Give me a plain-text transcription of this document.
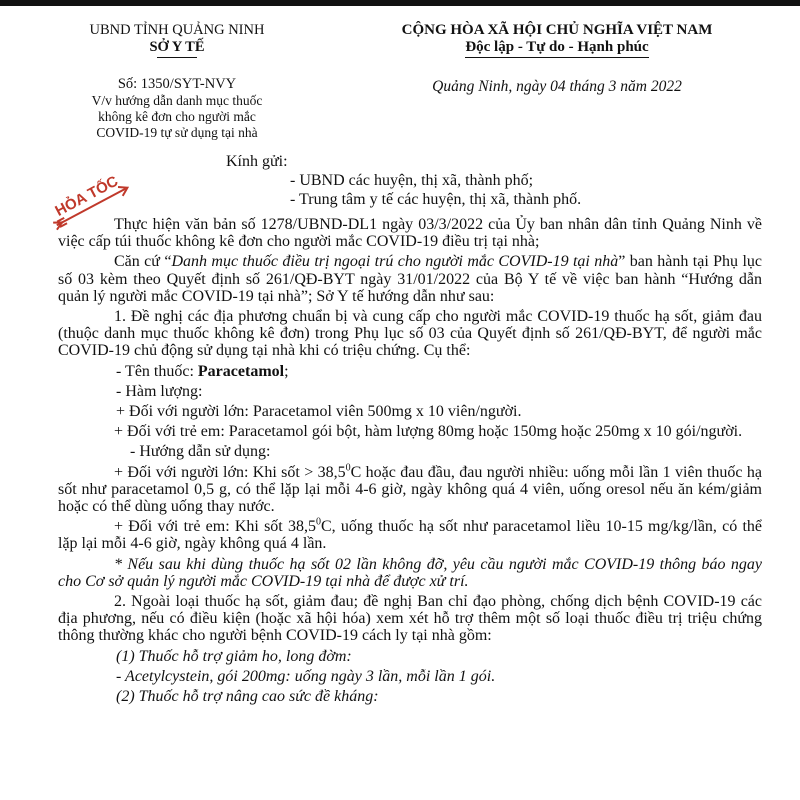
UBND TỈNH QUẢNG NINH
SỞ Y TẾ
Số: 1350/SYT-NVY
V/v hướng dẫn danh mục thuốc
không kê đơn cho người mắc
COVID-19 tự sử dụng tại nhà
CỘNG HÒA XÃ HỘI CHỦ NGHĨA VIỆT NAM
Độc lập - Tự do - Hạnh phúc
Quảng Ninh, ngày 04 tháng 3 năm 2022
HỎA TỐC
Kính gửi:
- UBND các huyện, thị xã, thành phố;
- Trung tâm y tế các huyện, thị xã, thành phố.

Thực hiện văn bản số 1278/UBND-DL1 ngày 03/3/2022 của Ủy ban nhân dân tỉnh Quảng Ninh về việc cấp túi thuốc không kê đơn cho người mắc COVID-19 điều trị tại nhà;

Căn cứ “Danh mục thuốc điều trị ngoại trú cho người mắc COVID-19 tại nhà” ban hành tại Phụ lục số 03 kèm theo Quyết định số 261/QĐ-BYT ngày 31/01/2022 của Bộ Y tế về việc ban hành “Hướng dẫn quản lý người mắc COVID-19 tại nhà”; Sở Y tế hướng dẫn như sau:

1. Đề nghị các địa phương chuẩn bị và cung cấp cho người mắc COVID-19 thuốc hạ sốt, giảm đau (thuộc danh mục thuốc không kê đơn) trong Phụ lục số 03 của Quyết định số 261/QĐ-BYT, để người mắc COVID-19 chủ động sử dụng tại nhà khi có triệu chứng. Cụ thể:

- Tên thuốc: Paracetamol;

- Hàm lượng:

+ Đối với người lớn: Paracetamol viên 500mg x 10 viên/người.

+ Đối với trẻ em: Paracetamol gói bột, hàm lượng 80mg hoặc 150mg hoặc 250mg x 10 gói/người.

- Hướng dẫn sử dụng:

+ Đối với người lớn: Khi sốt > $38,5^0C$ hoặc đau đầu, đau người nhiều: uống mỗi lần 1 viên thuốc hạ sốt như paracetamol 0,5 g, có thể lặp lại mỗi 4-6 giờ, ngày không quá 4 viên, uống oresol nếu ăn kém/giảm hoặc có thể dùng uống thay nước.

+ Đối với trẻ em: Khi sốt 38,5$^0$C, uống thuốc hạ sốt như paracetamol liều 10-15 mg/kg/lần, có thể lặp lại mỗi 4-6 giờ, ngày không quá 4 lần.

* Nếu sau khi dùng thuốc hạ sốt 02 lần không đỡ, yêu cầu người mắc COVID-19 thông báo ngay cho Cơ sở quản lý người mắc COVID-19 tại nhà để được xử trí.

2. Ngoài loại thuốc hạ sốt, giảm đau; đề nghị Ban chỉ đạo phòng, chống dịch bệnh COVID-19 các địa phương, nếu có điều kiện (hoặc xã hội hóa) xem xét hỗ trợ thêm một số loại thuốc điều trị triệu chứng thông thường khác cho người bệnh COVID-19 cách ly tại nhà gồm:

(1) Thuốc hỗ trợ giảm ho, long đờm:

- Acetylcystein, gói 200mg: uống ngày 3 lần, mỗi lần 1 gói.

(2) Thuốc hỗ trợ nâng cao sức đề kháng:
